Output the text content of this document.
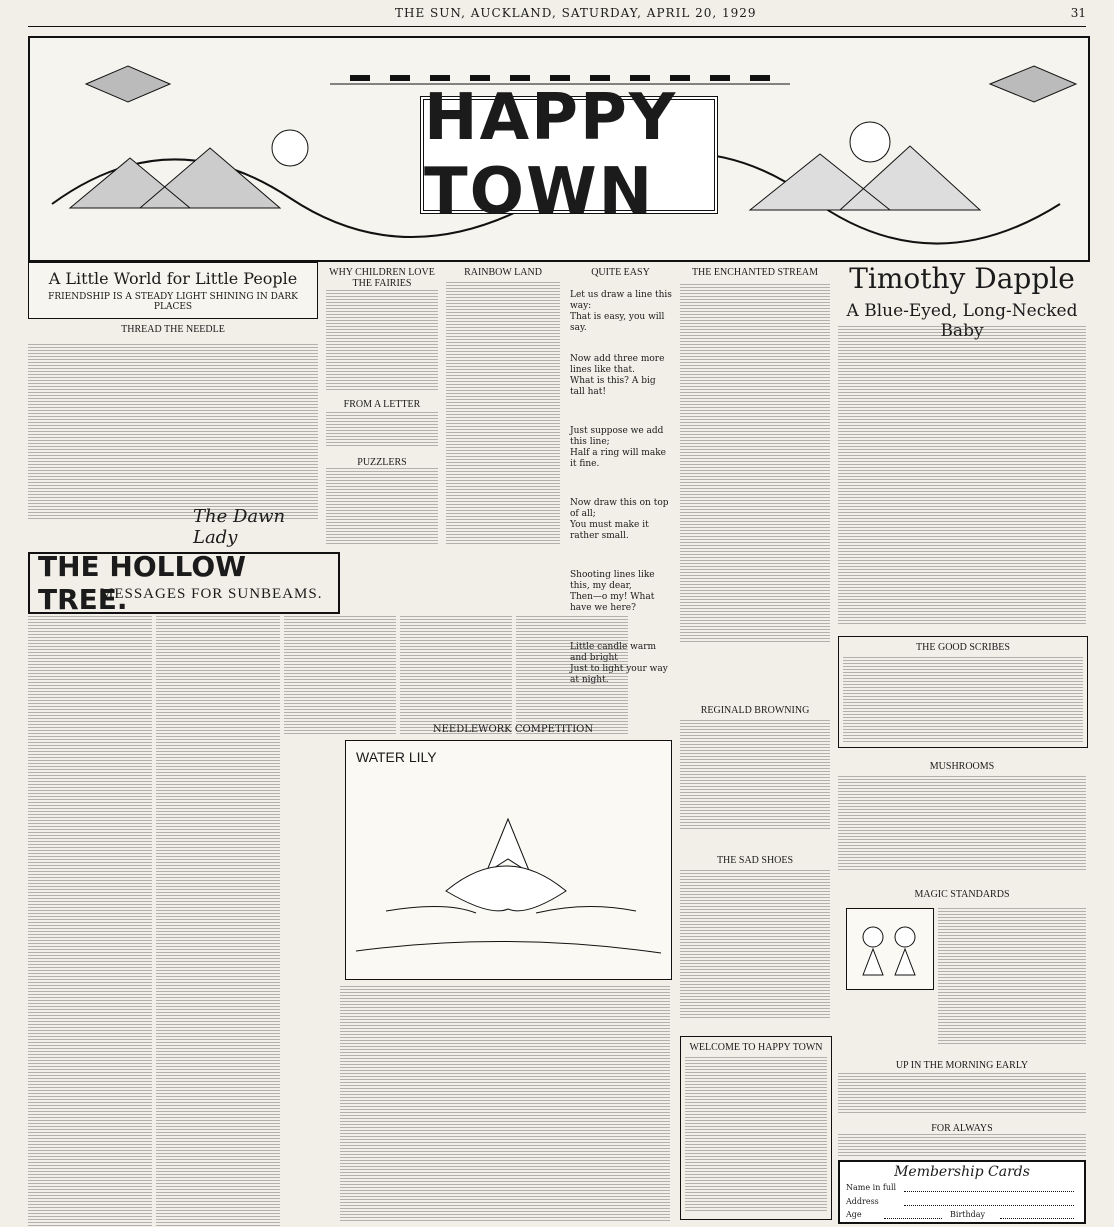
THE SUN, AUCKLAND, SATURDAY, APRIL 20, 1929	31
HAPPY TOWN
A Little World for Little People
FRIENDSHIP IS A STEADY LIGHT SHINING IN DARK PLACES
THREAD THE NEEDLE
The Dawn Lady
WHY CHILDREN LOVE THE FAIRIES
FROM A LETTER
PUZZLERS
RAINBOW LAND	QUITE EASY
Let us draw a line this way:
That is easy, you will say.
Now add three more lines like that.
What is this? A big tall hat!
Just suppose we add this line;
Half a ring will make it fine.
Now draw this on top of all;
You must make it rather small.
Shooting lines like this, my dear,
Then—o my! What have we here?
Little candle warm and bright
Just to light your way at night.
THE ENCHANTED STREAM	Timothy Dapple
A Blue-Eyed, Long-Necked Baby
THE HOLLOW TREE.
MESSAGES FOR SUNBEAMS.
NEEDLEWORK COMPETITION
WATER LILY
REGINALD BROWNING
THE SAD SHOES
WELCOME TO HAPPY TOWN
THE GOOD SCRIBES
MUSHROOMS
MAGIC STANDARDS
UP IN THE MORNING EARLY
FOR ALWAYS
Membership Cards
Name in full
Address
Age	Birthday
